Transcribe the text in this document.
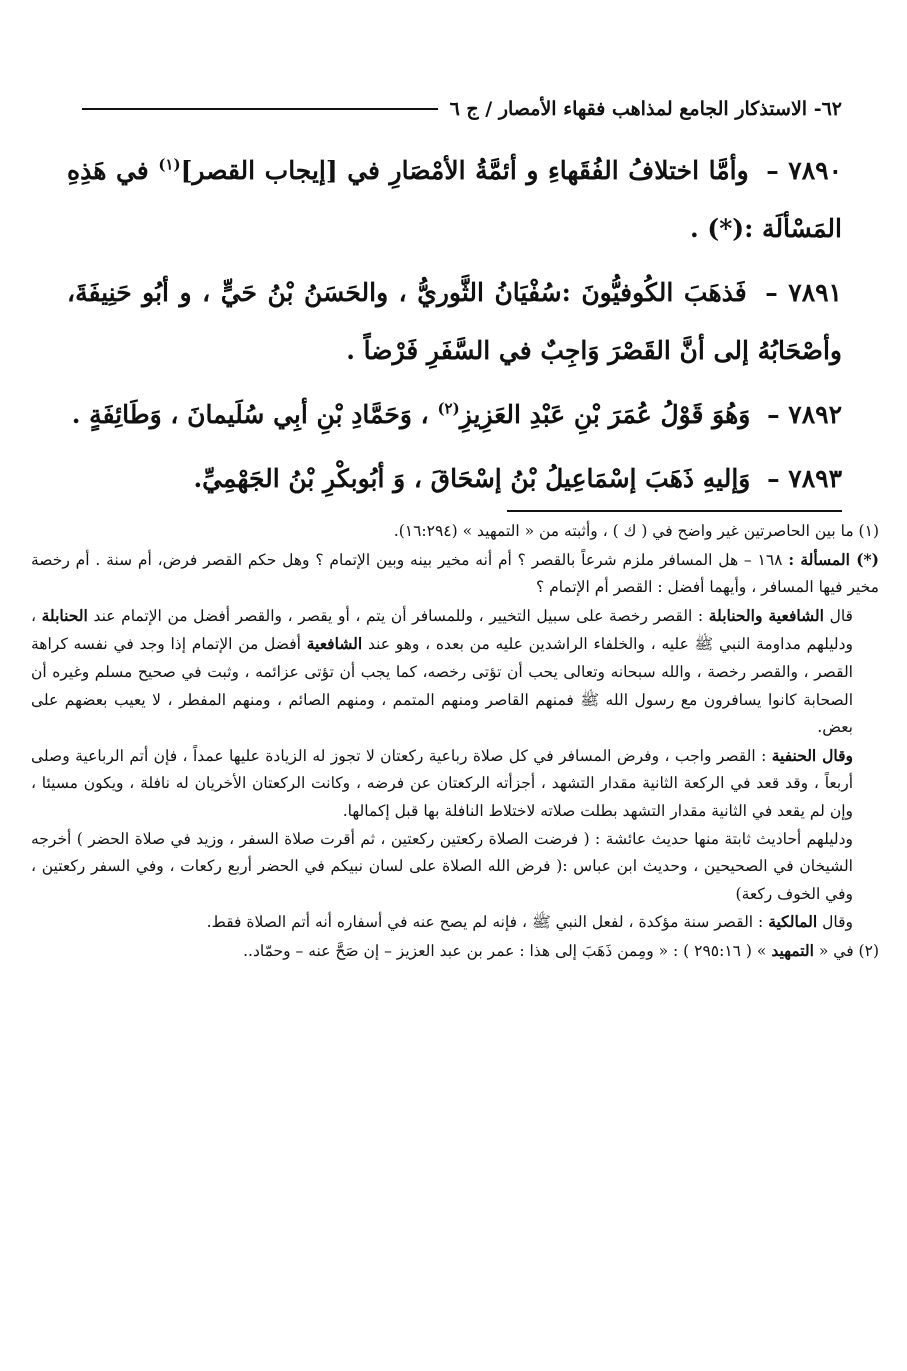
٦٢- الاستذكار الجامع لمذاهب فقهاء الأمصار / ج ٦

٧٨٩٠ – وأمَّا اختلافُ الفُقَهاءِ و أئمَّةُ الأمْصَارِ في [إيجاب القصر]$^{(١)}$ في هَذِهِ المَسْألَة :(*) .

٧٨٩١ – فَذهَبَ الكُوفيُّونَ :سُفْيَانُ الثَّوريُّ ، والحَسَنُ بْنُ حَيٍّ ، و أبُو حَنِيفَةَ، وأصْحَابُهُ إلى أنَّ القَصْرَ وَاجِبٌ في السَّفَرِ فَرْضاً .

٧٨٩٢ – وَهُوَ قَوْلُ عُمَرَ بْنِ عَبْدِ العَزِيزِ$^{(٢)}$ ، وَحَمَّادِ بْنِ أبِي سُلَيمانَ ، وَطَائِفَةٍ .

٧٨٩٣ – وَإليهِ ذَهَبَ إسْمَاعِيلُ بْنُ إسْحَاقَ ، وَ أبُوبكْرِ بْنُ الجَهْمِيِّ.

(١) ما بين الحاصرتين غير واضح في ( ك ) ، وأثبته من « التمهيد » (١٦:٢٩٤).

(*) المسألة : ١٦٨ – هل المسافر ملزم شرعاً بالقصر ؟ أم أنه مخير بينه وبين الإتمام ؟ وهل حكم القصر فرض، أم سنة . أم رخصة مخير فيها المسافر ، وأيهما أفضل : القصر أم الإتمام ؟

قال الشافعية والحنابلة : القصر رخصة على سبيل التخيير ، وللمسافر أن يتم ، أو يقصر ، والقصر أفضل من الإتمام عند الحنابلة ، ودليلهم مداومة النبي ﷺ عليه ، والخلفاء الراشدين عليه من بعده ، وهو عند الشافعية أفضل من الإتمام إذا وجد في نفسه كراهة القصر ، والقصر رخصة ، والله سبحانه وتعالى يحب أن تؤتى رخصه، كما يجب أن تؤتى عزائمه ، وثبت في صحيح مسلم وغيره أن الصحابة كانوا يسافرون مع رسول الله ﷺ فمنهم القاصر ومنهم المتمم ، ومنهم الصائم ، ومنهم المفطر ، لا يعيب بعضهم على بعض.

وقال الحنفية : القصر واجب ، وفرض المسافر في كل صلاة رباعية ركعتان لا تجوز له الزيادة عليها عمداً ، فإن أتم الرباعية وصلى أربعاً ، وقد قعد في الركعة الثانية مقدار التشهد ، أجزأته الركعتان عن فرضه ، وكانت الركعتان الأخريان له نافلة ، ويكون مسيئا ، وإن لم يقعد في الثانية مقدار التشهد بطلت صلاته لاختلاط النافلة بها قبل إكمالها.

ودليلهم أحاديث ثابتة منها حديث عائشة : ( فرضت الصلاة ركعتين ركعتين ، ثم أقرت صلاة السفر ، وزيد في صلاة الحضر ) أخرجه الشيخان في الصحيحين ، وحديث ابن عباس :( فرض الله الصلاة على لسان نبيكم في الحضر أربع ركعات ، وفي السفر ركعتين ، وفي الخوف ركعة)

وقال المالكية : القصر سنة مؤكدة ، لفعل النبي ﷺ ، فإنه لم يصح عنه في أسفاره أنه أتم الصلاة فقط.

(٢) في « التمهيد » ( ٢٩٥:١٦ ) : « ومِمن ذَهَبَ إلى هذا : عمر بن عبد العزيز – إن صَحَّ عنه – وحمّاد..
